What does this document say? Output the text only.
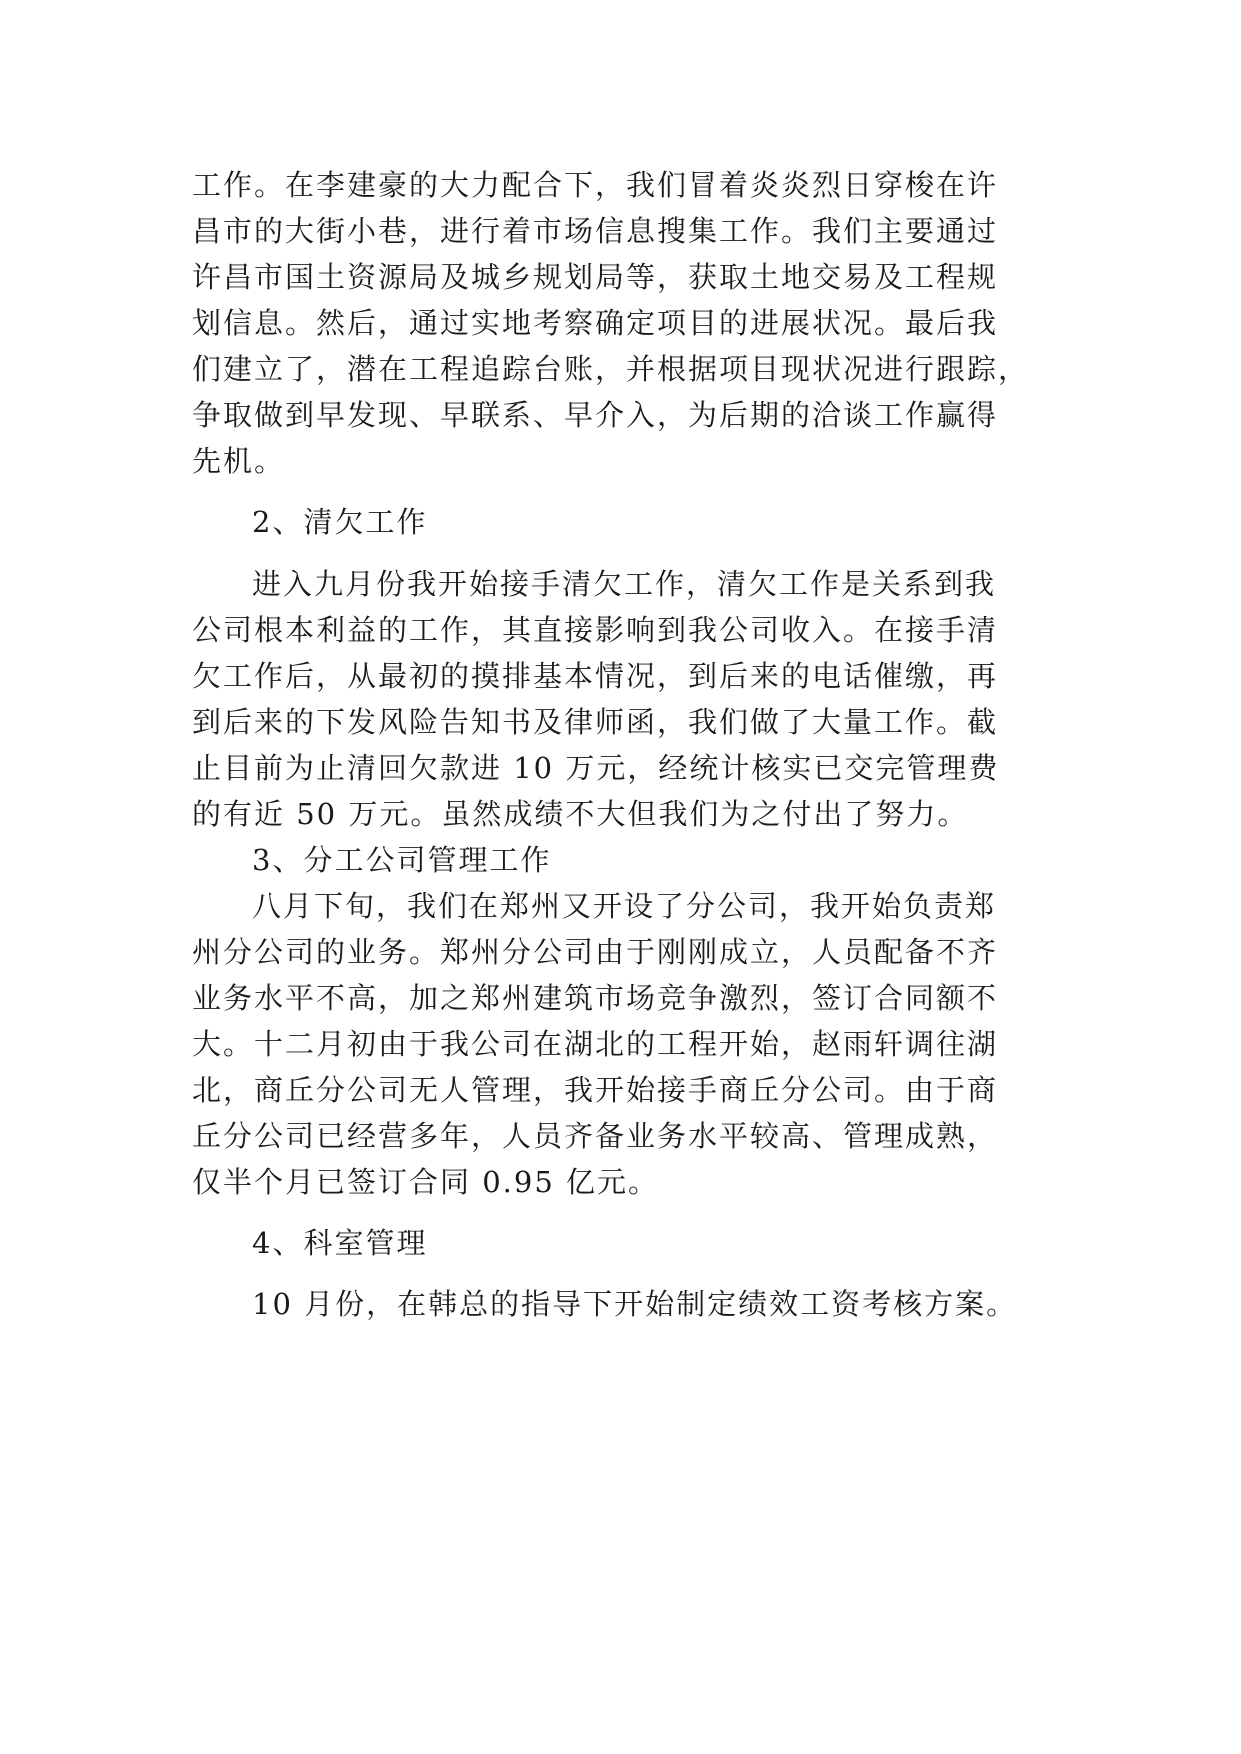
工作。在李建豪的大力配合下，我们冒着炎炎烈日穿梭在许

昌市的大街小巷，进行着市场信息搜集工作。我们主要通过

许昌市国土资源局及城乡规划局等，获取土地交易及工程规

划信息。然后，通过实地考察确定项目的进展状况。最后我

们建立了，潜在工程追踪台账，并根据项目现状况进行跟踪，

争取做到早发现、早联系、早介入，为后期的洽谈工作赢得

先机。

2、清欠工作

进入九月份我开始接手清欠工作，清欠工作是关系到我

公司根本利益的工作，其直接影响到我公司收入。在接手清

欠工作后，从最初的摸排基本情况，到后来的电话催缴，再

到后来的下发风险告知书及律师函，我们做了大量工作。截

止目前为止清回欠款进 10 万元，经统计核实已交完管理费

的有近 50 万元。虽然成绩不大但我们为之付出了努力。

3、分工公司管理工作

八月下旬，我们在郑州又开设了分公司，我开始负责郑

州分公司的业务。郑州分公司由于刚刚成立，人员配备不齐

业务水平不高，加之郑州建筑市场竞争激烈，签订合同额不

大。十二月初由于我公司在湖北的工程开始，赵雨轩调往湖

北，商丘分公司无人管理，我开始接手商丘分公司。由于商

丘分公司已经营多年，人员齐备业务水平较高、管理成熟，

仅半个月已签订合同 0.95 亿元。

4、科室管理

10 月份，在韩总的指导下开始制定绩效工资考核方案。
